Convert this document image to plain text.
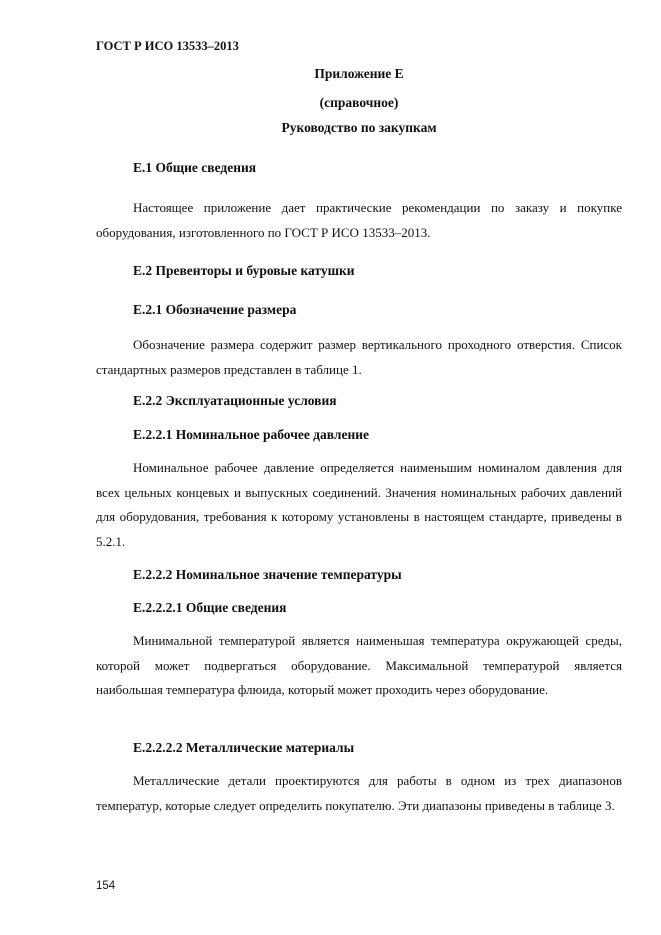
ГОСТ Р ИСО 13533–2013
Приложение Е
(справочное)
Руководство по закупкам
Е.1 Общие сведения

Настоящее приложение дает практические рекомендации по заказу и покупке оборудования, изготовленного по ГОСТ Р ИСО 13533–2013.

Е.2 Превенторы и буровые катушки
Е.2.1 Обозначение размера

Обозначение размера содержит размер вертикального проходного отверстия. Список стандартных размеров представлен в таблице 1.

Е.2.2 Эксплуатационные условия
Е.2.2.1 Номинальное рабочее давление

Номинальное рабочее давление определяется наименьшим номиналом давления для всех цельных концевых и выпускных соединений. Значения номинальных рабочих давлений для оборудования, требования к которому установлены в настоящем стандарте, приведены в 5.2.1.

Е.2.2.2 Номинальное значение температуры
Е.2.2.2.1 Общие сведения

Минимальной температурой является наименьшая температура окружающей среды, которой может подвергаться оборудование. Максимальной температурой является наибольшая температура флюида, который может проходить через оборудование.

Е.2.2.2.2 Металлические материалы

Металлические детали проектируются для работы в одном из трех диапазонов температур, которые следует определить покупателю. Эти диапазоны приведены в таблице 3.

154
